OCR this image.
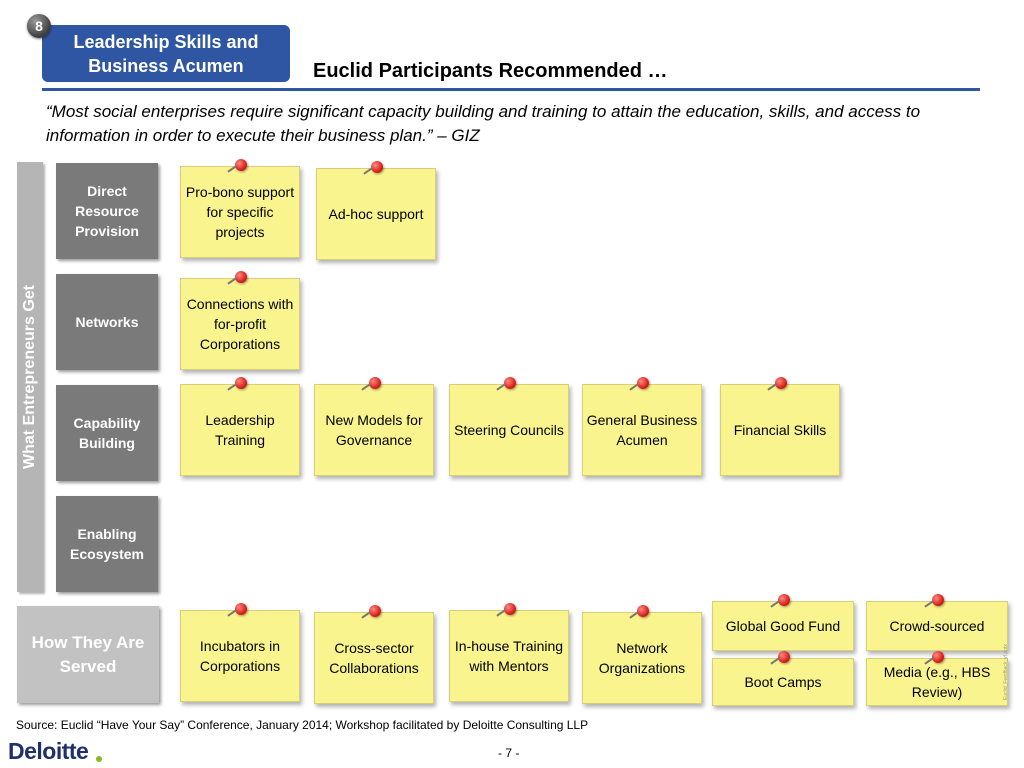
8
Leadership Skills and Business Acumen	Euclid Participants Recommended …
“Most social enterprises require significant capacity building and training to attain the education, skills, and access to information in order to execute their business plan.” – GIZ
What Entrepreneurs Get
Direct Resource Provision
Networks
Capability Building
Enabling Ecosystem
How They Are Served
Pro-bono support for specific projects
Ad-hoc support
Connections with for-profit Corporations
Leadership Training
New Models for Governance
Steering Councils
General Business Acumen
Financial Skills
Incubators in Corporations
Cross-sector Collaborations
In-house Training with Mentors
Network Organizations
Global Good Fund	Crowd-sourced
Boot Camps
Media (e.g., HBS Review)
Source: Euclid “Have Your Say” Conference, January 2014; Workshop facilitated by Deloitte Consulting LLP
Deloitte	- 7 -
Euclid_Feedback_vf.pptx
